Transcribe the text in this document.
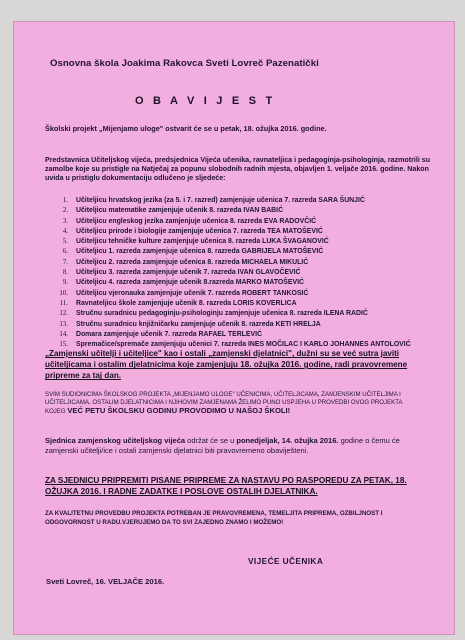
Osnovna škola Joakima Rakovca Sveti Lovreč Pazenatički
O B A V I J E S T
Školski projekt „Mijenjamo uloge" ostvarit će se u petak, 18. ožujka 2016. godine.
Predstavnica Učiteljskog vijeća, predsjednica Vijeća učenika, ravnateljica i pedagoginja-psihologinja, razmotrili su zamolbe koje su pristigle na Natječaj za popunu slobodnih radnih mjesta, objavljen 1. veljače 2016. godine. Nakon uvida u pristiglu dokumentaciju odlučeno je sljedeće:
1. Učiteljicu hrvatskog jezika (za 5. i 7. razred) zamjenjuje učenica 7. razreda SARA ŠUNJIĆ
2. Učiteljicu matematike zamjenjuje učenik 8. razreda IVAN BABIĆ
3. Učiteljicu engleskog jezika zamjenjuje učenica 8. razreda EVA RADOVČIĆ
4. Učiteljicu prirode i biologije zamjenjuje učenica 7. razreda TEA MATOŠEVIĆ
5. Učiteljicu tehničke kulture zamjenjuje učenica 8. razreda LUKA ŠVAGANOVIĆ
6. Učiteljicu 1. razreda zamjenjuje učenica 8. razreda GABRIJELA MATOŠEVIĆ
7. Učiteljicu 2. razreda zamjenjuje učenica 8. razreda MICHAELA MIKULIĆ
8. Učiteljicu 3. razreda zamjenjuje učenik 7. razreda IVAN GLAVOČEVIĆ
9. Učiteljicu 4. razreda zamjenjuje učenik 8.razreda MARKO MATOŠEVIĆ
10. Učiteljicu vjeronauka zamjenjuje učenik 7. razreda ROBERT TANKOSIĆ
11. Ravnateljicu škole zamjenjuje učenik 8. razreda LORIS KOVERLICA
12. Stručnu suradnicu pedagoginju-psihologinju zamjenjuje učenica 8. razreda ILENA RADIĆ
13. Stručnu suradnicu knjižničarku zamjenjuje učenik 8. razreda KETI HRELJA
14. Domara zamjenjuje učenik 7. razreda RAFAEL TERLEVIĆ
15. Spremačice/spremače zamjenjuju učenici 7. razreda INES MOČILAC I KARLO JOHANNES ANTOLOVIĆ
„Zamjenski učitelji i učiteljice" kao i ostali „zamjenski djelatnici", dužni su se već sutra javiti učiteljicama i ostalim djelatnicima koje zamjenjuju 18. ožujka 2016. godine, radi pravovremene pripreme za taj dan.
SVIM SUDIONICIMA ŠKOLSKOG PROJEKTA „MIJENJAMO ULOGE" UČENICIMA, UČITELJICAMA, ZAMJENSKIM UČITELJIMA I UČITELJICAMA, OSTALIM DJELATNICIMA I NJIHOVIM ZAMJENAMA ŽELIMO PUNO USPJEHA U PROVEDBI OVOG PROJEKTA KOJEG VEĆ PETU ŠKOLSKU GODINU PROVODIMO U NAŠOJ ŠKOLI!
Sjednica zamjenskog učiteljskog vijeća održat će se u ponedjeljak, 14. ožujka 2016. godine o čemu će zamjenski učitelji/ice i ostali zamjenski djelatnici biti pravovremeno obaviješteni.
ZA SJEDNICU PRIPREMITI PISANE PRIPREME ZA NASTAVU PO RASPOREDU ZA PETAK, 18. OŽUJKA 2016. I RADNE ZADATKE I POSLOVE OSTALIH DJELATNIKA.
ZA KVALITETNU PROVEDBU PROJEKTA POTREBAN JE PRAVOVREMENA, TEMELJITA PRIPREMA, OZBILJNOST I ODGOVORNOST U RADU.VJERUJEMO DA TO SVI ZAJEDNO ZNAMO I MOŽEMO!
VIJEĆE UČENIKA
Sveti Lovreč, 16. VELJAČE 2016.
